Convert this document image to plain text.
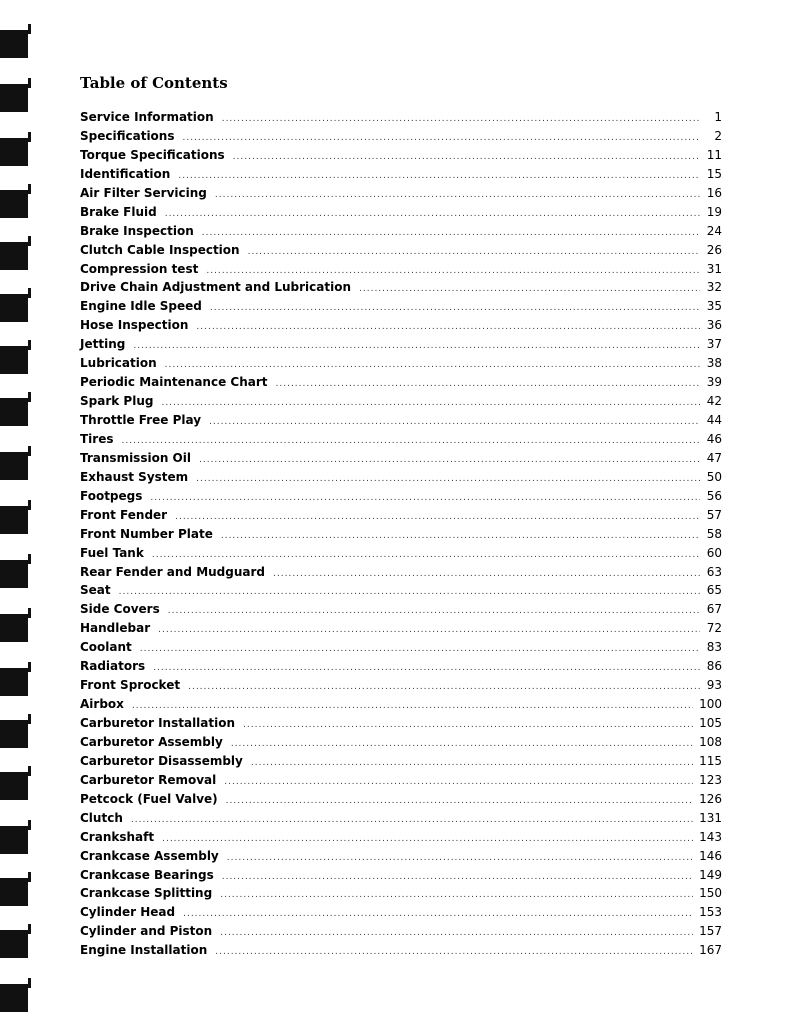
Table of Contents
Service Information .....	1
Specifications .....	2
Torque Specifications .....	11
Identification .....	15
Air Filter Servicing .....	16
Brake Fluid .....	19
Brake Inspection .....	24
Clutch Cable Inspection .....	26
Compression test .....	31
Drive Chain Adjustment and Lubrication .....	32
Engine Idle Speed .....	35
Hose Inspection .....	36
Jetting .....	37
Lubrication .....	38
Periodic Maintenance Chart .....	39
Spark Plug .....	42
Throttle Free Play .....	44
Tires .....	46
Transmission Oil .....	47
Exhaust System .....	50
Footpegs .....	56
Front Fender .....	57
Front Number Plate .....	58
Fuel Tank .....	60
Rear Fender and Mudguard .....	63
Seat .....	65
Side Covers .....	67
Handlebar .....	72
Coolant .....	83
Radiators .....	86
Front Sprocket .....	93
Airbox .....	100
Carburetor Installation .....	105
Carburetor Assembly .....	108
Carburetor Disassembly .....	115
Carburetor Removal .....	123
Petcock (Fuel Valve) .....	126
Clutch .....	131
Crankshaft .....	143
Crankcase Assembly .....	146
Crankcase Bearings .....	149
Crankcase Splitting .....	150
Cylinder Head .....	153
Cylinder and Piston .....	157
Engine Installation .....	167
